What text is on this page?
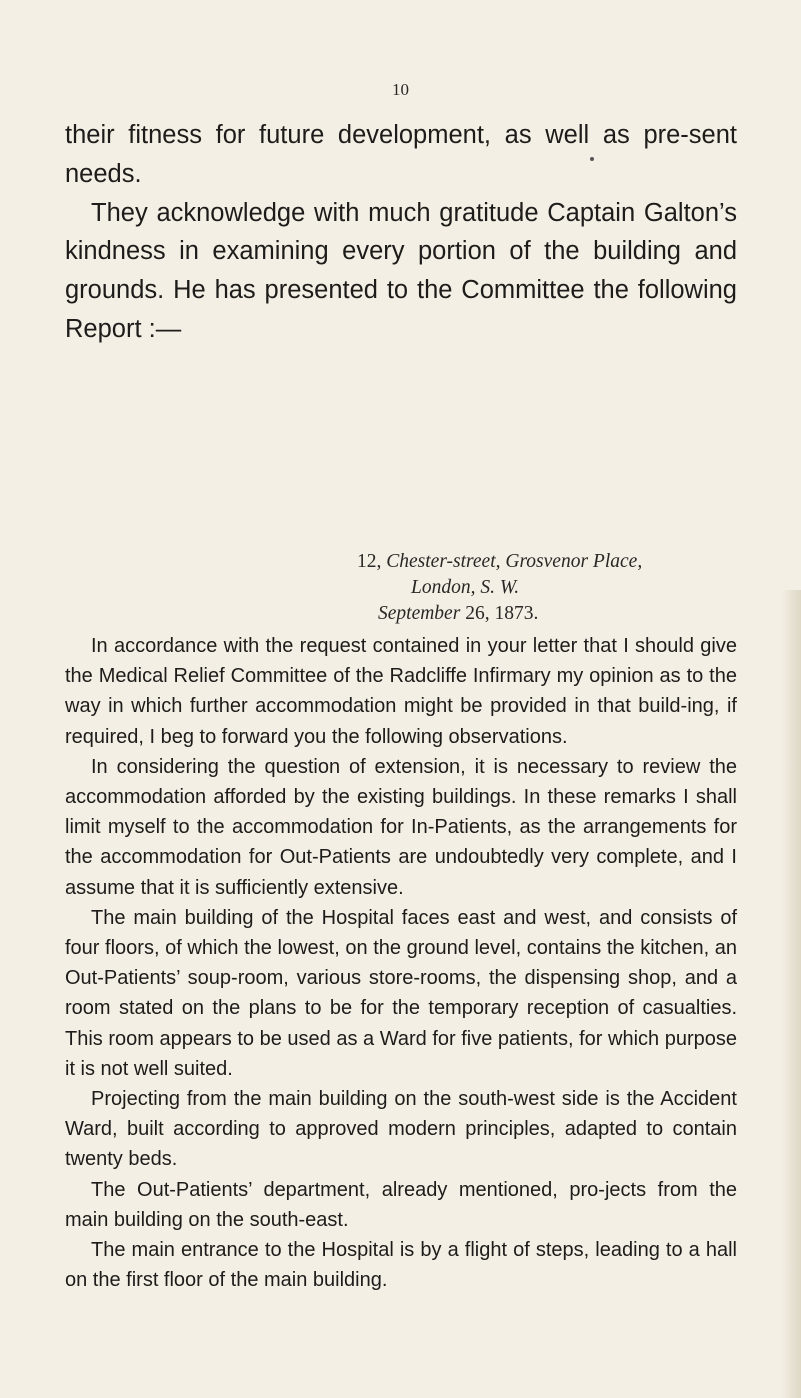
10

their fitness for future development, as well as pre-sent needs.

They acknowledge with much gratitude Captain Galton’s kindness in examining every portion of the building and grounds. He has presented to the Committee the following Report :—

12, Chester-street, Grosvenor Place,
London, S. W.
September 26, 1873.

In accordance with the request contained in your letter that I should give the Medical Relief Committee of the Radcliffe Infirmary my opinion as to the way in which further accommodation might be provided in that build-ing, if required, I beg to forward you the following observations.

In considering the question of extension, it is necessary to review the accommodation afforded by the existing buildings. In these remarks I shall limit myself to the accommodation for In-Patients, as the arrangements for the accommodation for Out-Patients are undoubtedly very complete, and I assume that it is sufficiently extensive.

The main building of the Hospital faces east and west, and consists of four floors, of which the lowest, on the ground level, contains the kitchen, an Out-Patients’ soup-room, various store-rooms, the dispensing shop, and a room stated on the plans to be for the temporary reception of casualties. This room appears to be used as a Ward for five patients, for which purpose it is not well suited.

Projecting from the main building on the south-west side is the Accident Ward, built according to approved modern principles, adapted to contain twenty beds.

The Out-Patients’ department, already mentioned, pro-jects from the main building on the south-east.

The main entrance to the Hospital is by a flight of steps, leading to a hall on the first floor of the main building.
